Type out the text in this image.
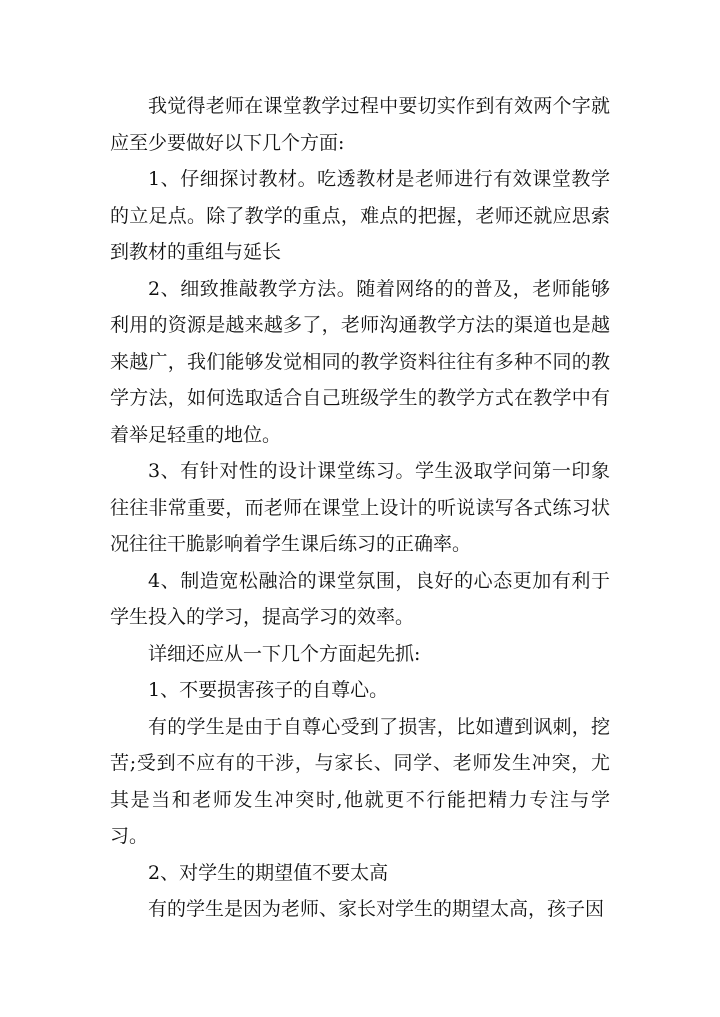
我觉得老师在课堂教学过程中要切实作到有效两个字就应至少要做好以下几个方面:

1、仔细探讨教材。吃透教材是老师进行有效课堂教学的立足点。除了教学的重点，难点的把握，老师还就应思索到教材的重组与延长

2、细致推敲教学方法。随着网络的的普及，老师能够利用的资源是越来越多了，老师沟通教学方法的渠道也是越来越广，我们能够发觉相同的教学资料往往有多种不同的教学方法，如何选取适合自己班级学生的教学方式在教学中有着举足轻重的地位。

3、有针对性的设计课堂练习。学生汲取学问第一印象往往非常重要，而老师在课堂上设计的听说读写各式练习状况往往干脆影响着学生课后练习的正确率。

4、制造宽松融洽的课堂氛围，良好的心态更加有利于学生投入的学习，提高学习的效率。

详细还应从一下几个方面起先抓:

1、不要损害孩子的自尊心。

有的学生是由于自尊心受到了损害，比如遭到讽刺，挖苦;受到不应有的干涉，与家长、同学、老师发生冲突，尤其是当和老师发生冲突时,他就更不行能把精力专注与学习。

2、对学生的期望值不要太高

有的学生是因为老师、家长对学生的期望太高，孩子因
